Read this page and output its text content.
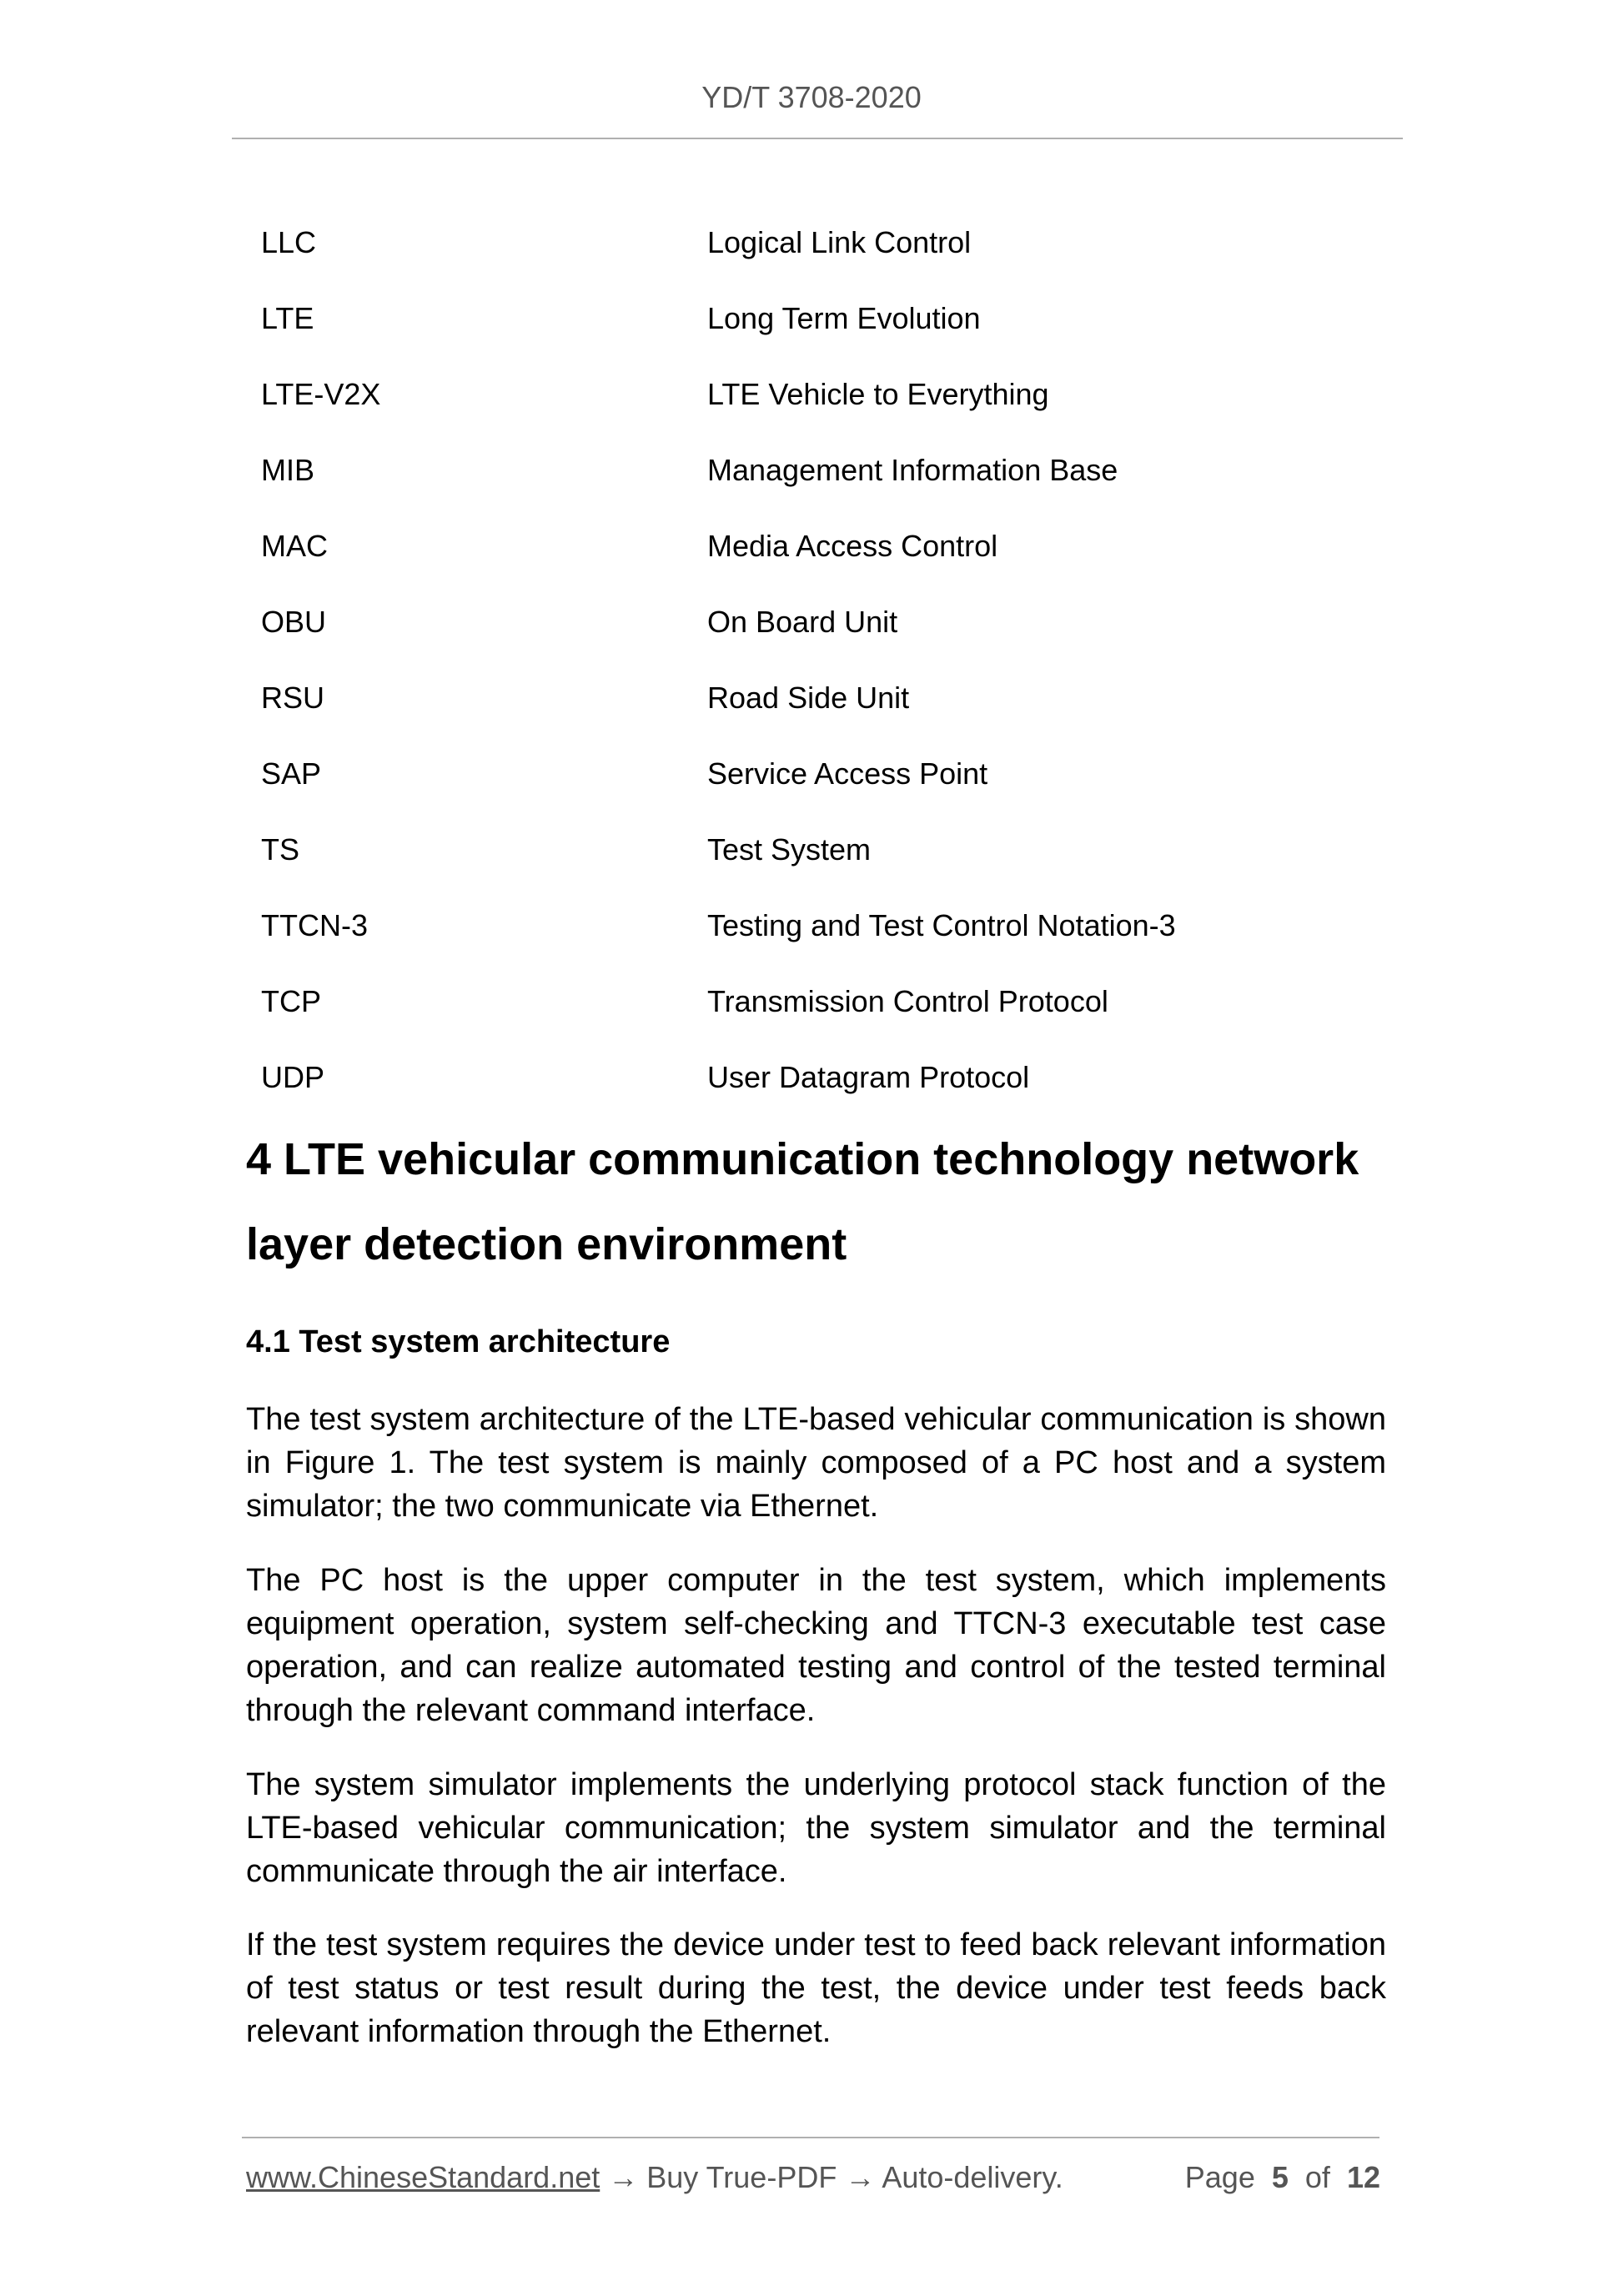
YD/T 3708-2020
LLC	Logical Link Control
LTE	Long Term Evolution
LTE-V2X	LTE Vehicle to Everything
MIB	Management Information Base
MAC	Media Access Control
OBU	On Board Unit
RSU	Road Side Unit
SAP	Service Access Point
TS	Test System
TTCN-3	Testing and Test Control Notation-3
TCP	Transmission Control Protocol
UDP	User Datagram Protocol
4 LTE vehicular communication technology network
layer detection environment
4.1 Test system architecture
The test system architecture of the LTE-based vehicular communication is shown in Figure 1. The test system is mainly composed of a PC host and a system simulator; the two communicate via Ethernet.
The PC host is the upper computer in the test system, which implements equipment operation, system self-checking and TTCN-3 executable test case operation, and can realize automated testing and control of the tested terminal through the relevant command interface.
The system simulator implements the underlying protocol stack function of the LTE-based vehicular communication; the system simulator and the terminal communicate through the air interface.
If the test system requires the device under test to feed back relevant information of test status or test result during the test, the device under test feeds back relevant information through the Ethernet.
www.ChineseStandard.net → Buy True-PDF → Auto-delivery.	Page 5 of 12
